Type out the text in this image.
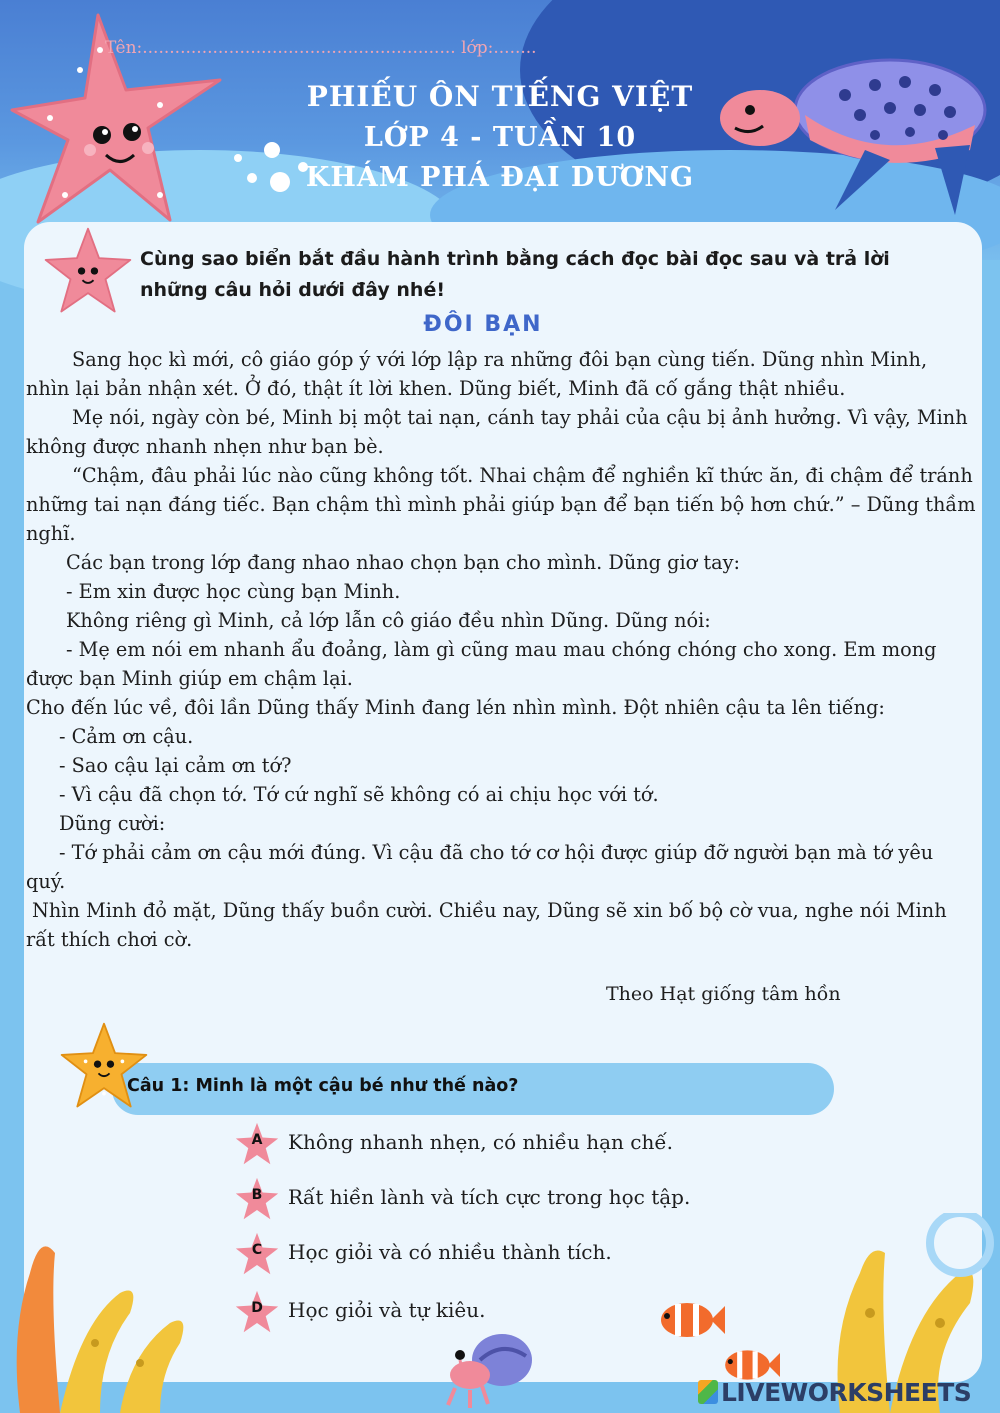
Tên:.......................................................... lớp:........
PHIẾU ÔN TIẾNG VIỆT
LỚP 4 - TUẦN 10
KHÁM PHÁ ĐẠI DƯƠNG
Cùng sao biển bắt đầu hành trình bằng cách đọc bài đọc sau và trả lời những câu hỏi dưới đây nhé!
ĐÔI BẠN

Sang học kì mới, cô giáo góp ý với lớp lập ra những đôi bạn cùng tiến. Dũng nhìn Minh, nhìn lại bản nhận xét. Ở đó, thật ít lời khen. Dũng biết, Minh đã cố gắng thật nhiều.

Mẹ nói, ngày còn bé, Minh bị một tai nạn, cánh tay phải của cậu bị ảnh hưởng. Vì vậy, Minh không được nhanh nhẹn như bạn bè.

“Chậm, đâu phải lúc nào cũng không tốt. Nhai chậm để nghiền kĩ thức ăn, đi chậm để tránh những tai nạn đáng tiếc. Bạn chậm thì mình phải giúp bạn để bạn tiến bộ hơn chứ.” – Dũng thầm nghĩ.

Các bạn trong lớp đang nhao nhao chọn bạn cho mình. Dũng giơ tay:

- Em xin được học cùng bạn Minh.

Không riêng gì Minh, cả lớp lẫn cô giáo đều nhìn Dũng. Dũng nói:

- Mẹ em nói em nhanh ẩu đoảng, làm gì cũng mau mau chóng chóng cho xong. Em mong được bạn Minh giúp em chậm lại.

Cho đến lúc về, đôi lần Dũng thấy Minh đang lén nhìn mình. Đột nhiên cậu ta lên tiếng:

- Cảm ơn cậu.

- Sao cậu lại cảm ơn tớ?

- Vì cậu đã chọn tớ. Tớ cứ nghĩ sẽ không có ai chịu học với tớ.

Dũng cười:

- Tớ phải cảm ơn cậu mới đúng. Vì cậu đã cho tớ cơ hội được giúp đỡ người bạn mà tớ yêu quý.

Nhìn Minh đỏ mặt, Dũng thấy buồn cười. Chiều nay, Dũng sẽ xin bố bộ cờ vua, nghe nói Minh rất thích chơi cờ.

Theo Hạt giống tâm hồn
Câu 1: Minh là một cậu bé như thế nào?
A	Không nhanh nhẹn, có nhiều hạn chế.
B	Rất hiền lành và tích cực trong học tập.
C	Học giỏi và có nhiều thành tích.
D	Học giỏi và tự kiêu.
LIVEWORKSHEETS
